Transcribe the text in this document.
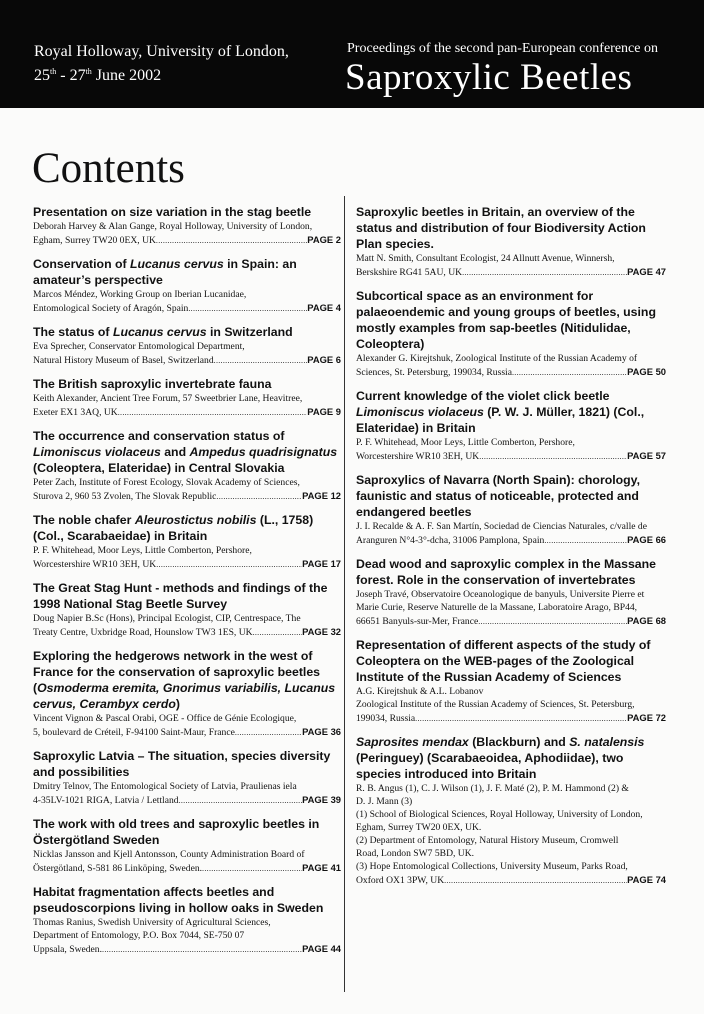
Royal Holloway, University of London,
25th - 27th June 2002
Proceedings of the second pan-European conference on
Saproxylic Beetles
Contents

Presentation on size variation in the stag beetle

Deborah Harvey & Alan Gange, Royal Holloway, University of London,
Egham, Surrey TW20 0EX, UK .....	PAGE 2

Conservation of Lucanus cervus in Spain: an amateur’s perspective

Marcos Méndez, Working Group on Iberian Lucanidae,
Entomological Society of Aragón, Spain .....	PAGE 4

The status of Lucanus cervus in Switzerland

Eva Sprecher, Conservator Entomological Department,
Natural History Museum of Basel, Switzerland .....	PAGE 6

The British saproxylic invertebrate fauna

Keith Alexander, Ancient Tree Forum, 57 Sweetbrier Lane, Heavitree,
Exeter EX1 3AQ, UK .....	PAGE 9

The occurrence and conservation status of Limoniscus violaceus and Ampedus quadrisignatus (Coleoptera, Elateridae) in Central Slovakia

Peter Zach, Institute of Forest Ecology, Slovak Academy of Sciences,
Sturova 2, 960 53 Zvolen, The Slovak Republic .....	PAGE 12

The noble chafer Aleurostictus nobilis (L., 1758) (Col., Scarabaeidae) in Britain

P. F. Whitehead, Moor Leys, Little Comberton, Pershore,
Worcestershire WR10 3EH, UK .....	PAGE 17

The Great Stag Hunt - methods and findings of the 1998 National Stag Beetle Survey

Doug Napier B.Sc (Hons), Principal Ecologist, CIP, Centrespace, The
Treaty Centre, Uxbridge Road, Hounslow TW3 1ES, UK .....	PAGE 32

Exploring the hedgerows network in the west of France for the conservation of saproxylic beetles (Osmoderma eremita, Gnorimus variabilis, Lucanus cervus, Cerambyx cerdo)

Vincent Vignon & Pascal Orabi, OGE - Office de Génie Ecologique,
5, boulevard de Créteil, F-94100 Saint-Maur, France .....	PAGE 36

Saproxylic Latvia – The situation, species diversity and possibilities

Dmitry Telnov, The Entomological Society of Latvia, Praulienas iela
4-35LV-1021 RIGA, Latvia / Lettland .....	PAGE 39

The work with old trees and saproxylic beetles in Östergötland Sweden

Nicklas Jansson and Kjell Antonsson, County Administration Board of
Östergötland, S-581 86 Linköping, Sweden. .....	PAGE 41

Habitat fragmentation affects beetles and pseudoscorpions living in hollow oaks in Sweden

Thomas Ranius, Swedish University of Agricultural Sciences,
Department of Entomology, P.O. Box 7044, SE-750 07
Uppsala, Sweden. .....	PAGE 44

Saproxylic beetles in Britain, an overview of the status and distribution of four Biodiversity Action Plan species.

Matt N. Smith, Consultant Ecologist, 24 Allnutt Avenue, Winnersh,
Berskshire RG41 5AU, UK .....	PAGE 47

Subcortical space as an environment for palaeoendemic and young groups of beetles, using mostly examples from sap-beetles (Nitidulidae, Coleoptera)

Alexander G. Kirejtshuk, Zoological Institute of the Russian Academy of
Sciences, St. Petersburg, 199034, Russia .....	PAGE 50

Current knowledge of the violet click beetle Limoniscus violaceus (P. W. J. Müller, 1821) (Col., Elateridae) in Britain

P. F. Whitehead, Moor Leys, Little Comberton, Pershore,
Worcestershire WR10 3EH, UK .....	PAGE 57

Saproxylics of Navarra (North Spain): chorology, faunistic and status of noticeable, protected and endangered beetles

J. I. Recalde & A. F. San Martín, Sociedad de Ciencias Naturales, c/valle de
Aranguren N°4-3°-dcha, 31006 Pamplona, Spain .....	PAGE 66

Dead wood and saproxylic complex in the Massane forest. Role in the conservation of invertebrates

Joseph Travé, Observatoire Oceanologique de banyuls, Universite Pierre et
Marie Curie, Reserve Naturelle de la Massane, Laboratoire Arago, BP44,
66651 Banyuls-sur-Mer, France .....	PAGE 68

Representation of different aspects of the study of Coleoptera on the WEB-pages of the Zoological Institute of the Russian Academy of Sciences

A.G. Kirejtshuk & A.L. Lobanov
Zoological Institute of the Russian Academy of Sciences, St. Petersburg,
199034, Russia .....	PAGE 72

Saprosites mendax (Blackburn) and S. natalensis (Peringuey) (Scarabaeoidea, Aphodiidae), two species introduced into Britain

R. B. Angus (1), C. J. Wilson (1), J. F. Maté (2), P. M. Hammond (2) &
D. J. Mann (3)
(1) School of Biological Sciences, Royal Holloway, University of London,
Egham, Surrey TW20 0EX, UK.
(2) Department of Entomology, Natural History Museum, Cromwell
Road, London SW7 5BD, UK.
(3) Hope Entomological Collections, University Museum, Parks Road,
Oxford OX1 3PW, UK .....	PAGE 74
